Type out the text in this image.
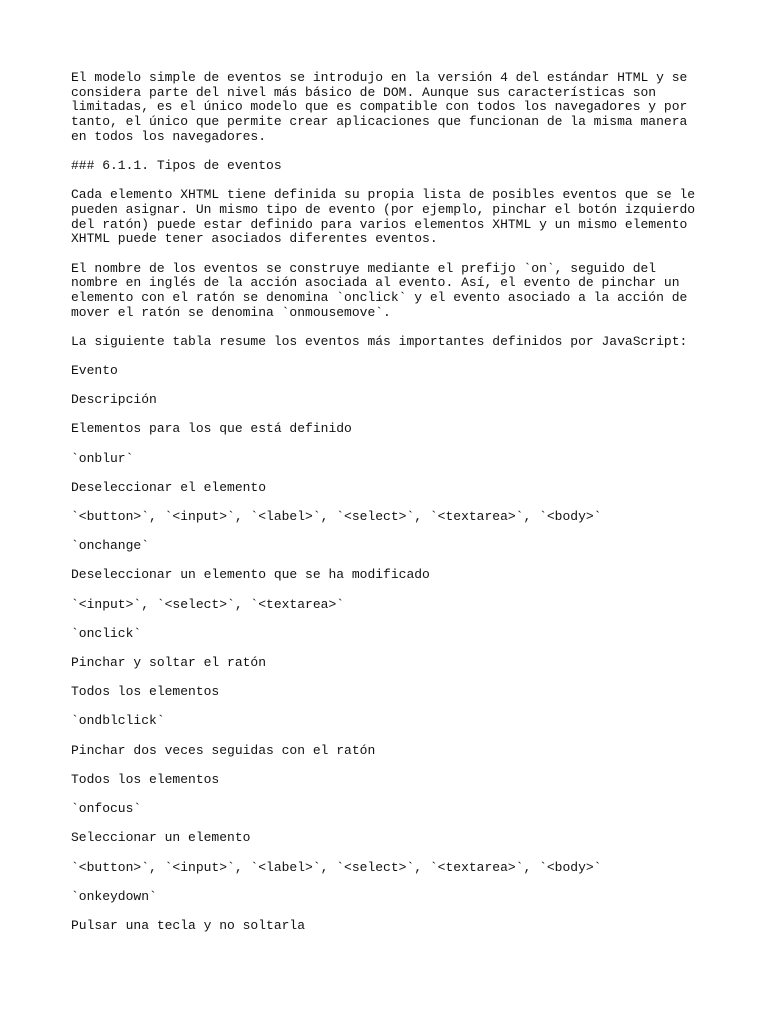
El modelo simple de eventos se introdujo en la versión 4 del estándar HTML y se considera parte del nivel más básico de DOM. Aunque sus características son limitadas, es el único modelo que es compatible con todos los navegadores y por tanto, el único que permite crear aplicaciones que funcionan de la misma manera en todos los navegadores.

### 6.1.1. Tipos de eventos

Cada elemento XHTML tiene definida su propia lista de posibles eventos que se le pueden asignar. Un mismo tipo de evento (por ejemplo, pinchar el botón izquierdo del ratón) puede estar definido para varios elementos XHTML y un mismo elemento XHTML puede tener asociados diferentes eventos.

El nombre de los eventos se construye mediante el prefijo `on`, seguido del nombre en inglés de la acción asociada al evento. Así, el evento de pinchar un elemento con el ratón se denomina `onclick` y el evento asociado a la acción de mover el ratón se denomina `onmousemove`.

La siguiente tabla resume los eventos más importantes definidos por JavaScript:

Evento

Descripción

Elementos para los que está definido

`onblur`

Deseleccionar el elemento

`<button>`, `<input>`, `<label>`, `<select>`, `<textarea>`, `<body>`

`onchange`

Deseleccionar un elemento que se ha modificado

`<input>`, `<select>`, `<textarea>`

`onclick`

Pinchar y soltar el ratón

Todos los elementos

`ondblclick`

Pinchar dos veces seguidas con el ratón

Todos los elementos

`onfocus`

Seleccionar un elemento

`<button>`, `<input>`, `<label>`, `<select>`, `<textarea>`, `<body>`

`onkeydown`

Pulsar una tecla y no soltarla
